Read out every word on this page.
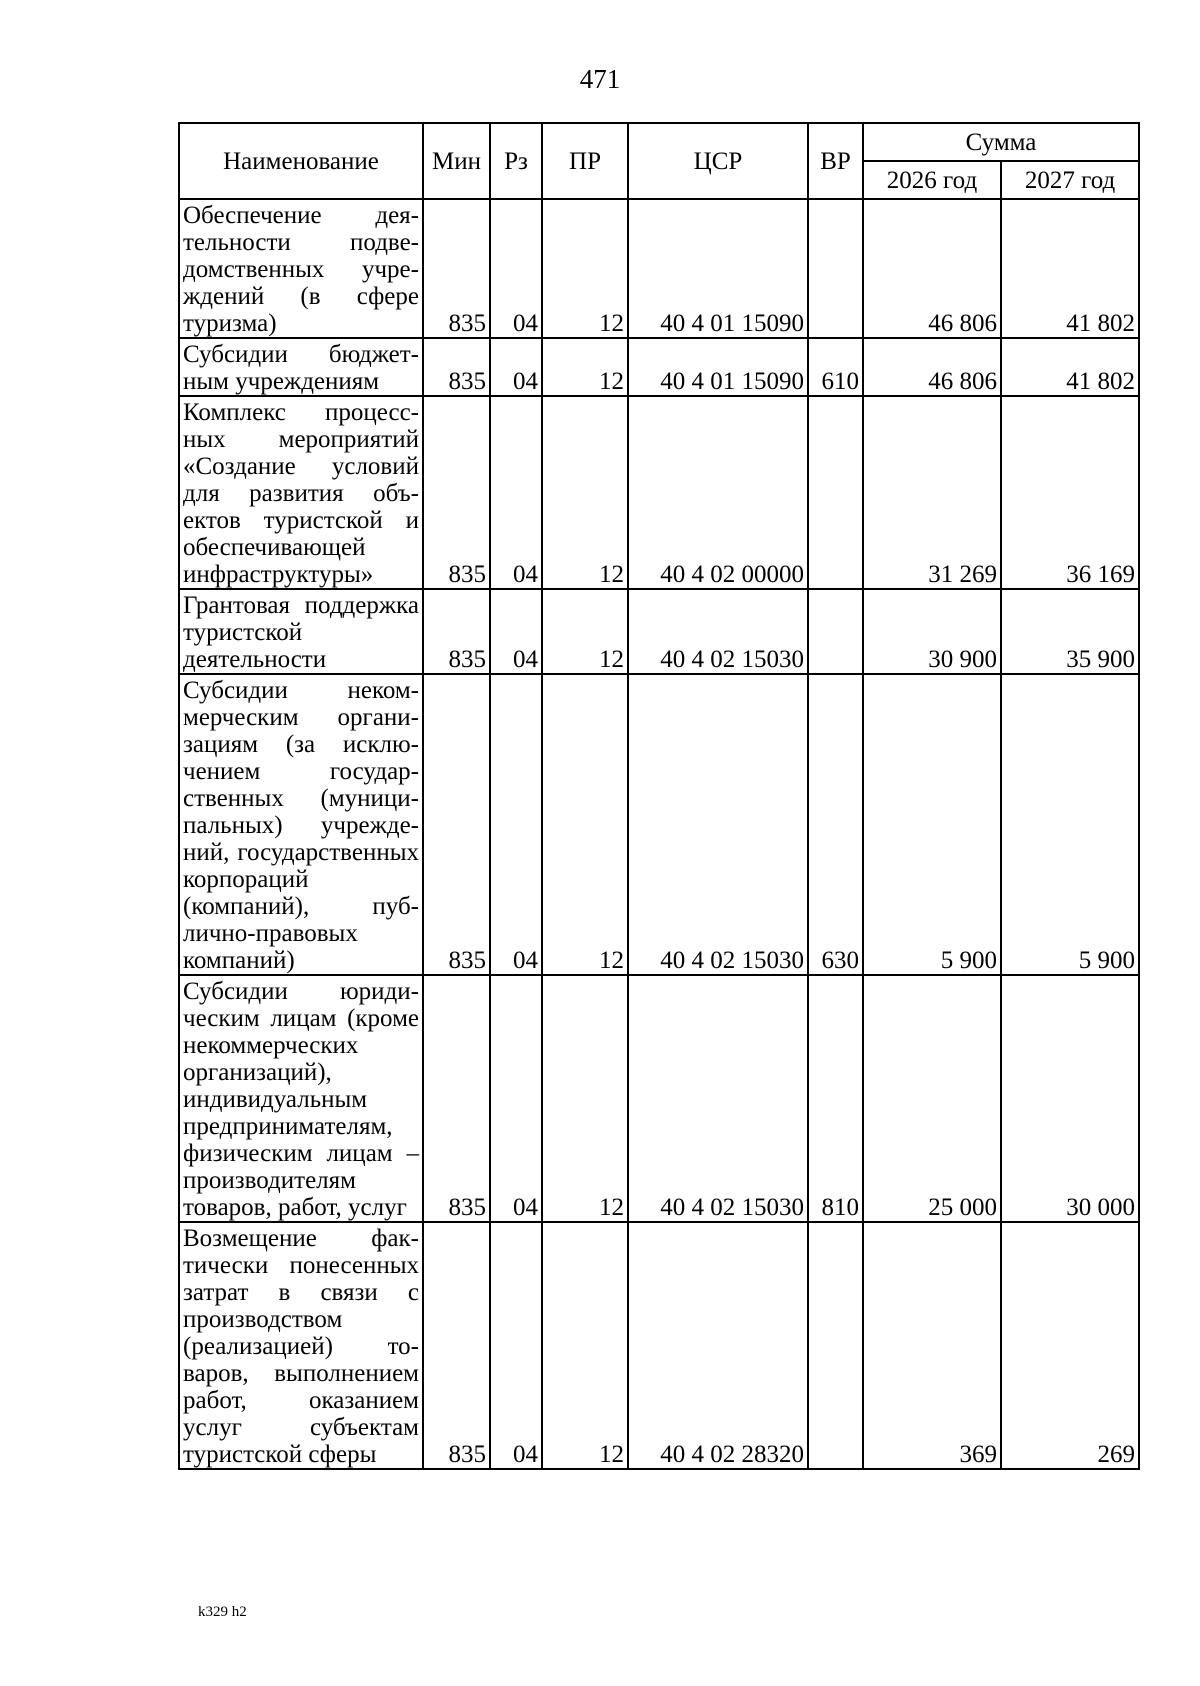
471
Наименование	Мин	Рз	ПР	ЦСР	ВР	Сумма	
						2026 год	2027 год
Обеспечение деятельности подведомственных учреждений (в сфере туризма)	835	04	12	40 4 01 15090		46 806	41 802
Субсидии бюджетным учреждениям	835	04	12	40 4 01 15090	610	46 806	41 802
Комплекс процессных мероприятий «Создание условий для развития объектов туристской и обеспечивающей инфраструктуры»	835	04	12	40 4 02 00000		31 269	36 169
Грантовая поддержка туристской деятельности	835	04	12	40 4 02 15030		30 900	35 900
Субсидии некоммерческим организациям (за исключением государственных (муниципальных) учреждений, государственных корпораций (компаний), публично-правовых компаний)	835	04	12	40 4 02 15030	630	5 900	5 900
Субсидии юридическим лицам (кроме некоммерческих организаций), индивидуальным предпринимателям, физическим лицам – производителям товаров, работ, услуг	835	04	12	40 4 02 15030	810	25 000	30 000
Возмещение фактически понесенных затрат в связи с производством (реализацией) товаров, выполнением работ, оказанием услуг субъектам туристской сферы	835	04	12	40 4 02 28320		369	269
k329 h2
